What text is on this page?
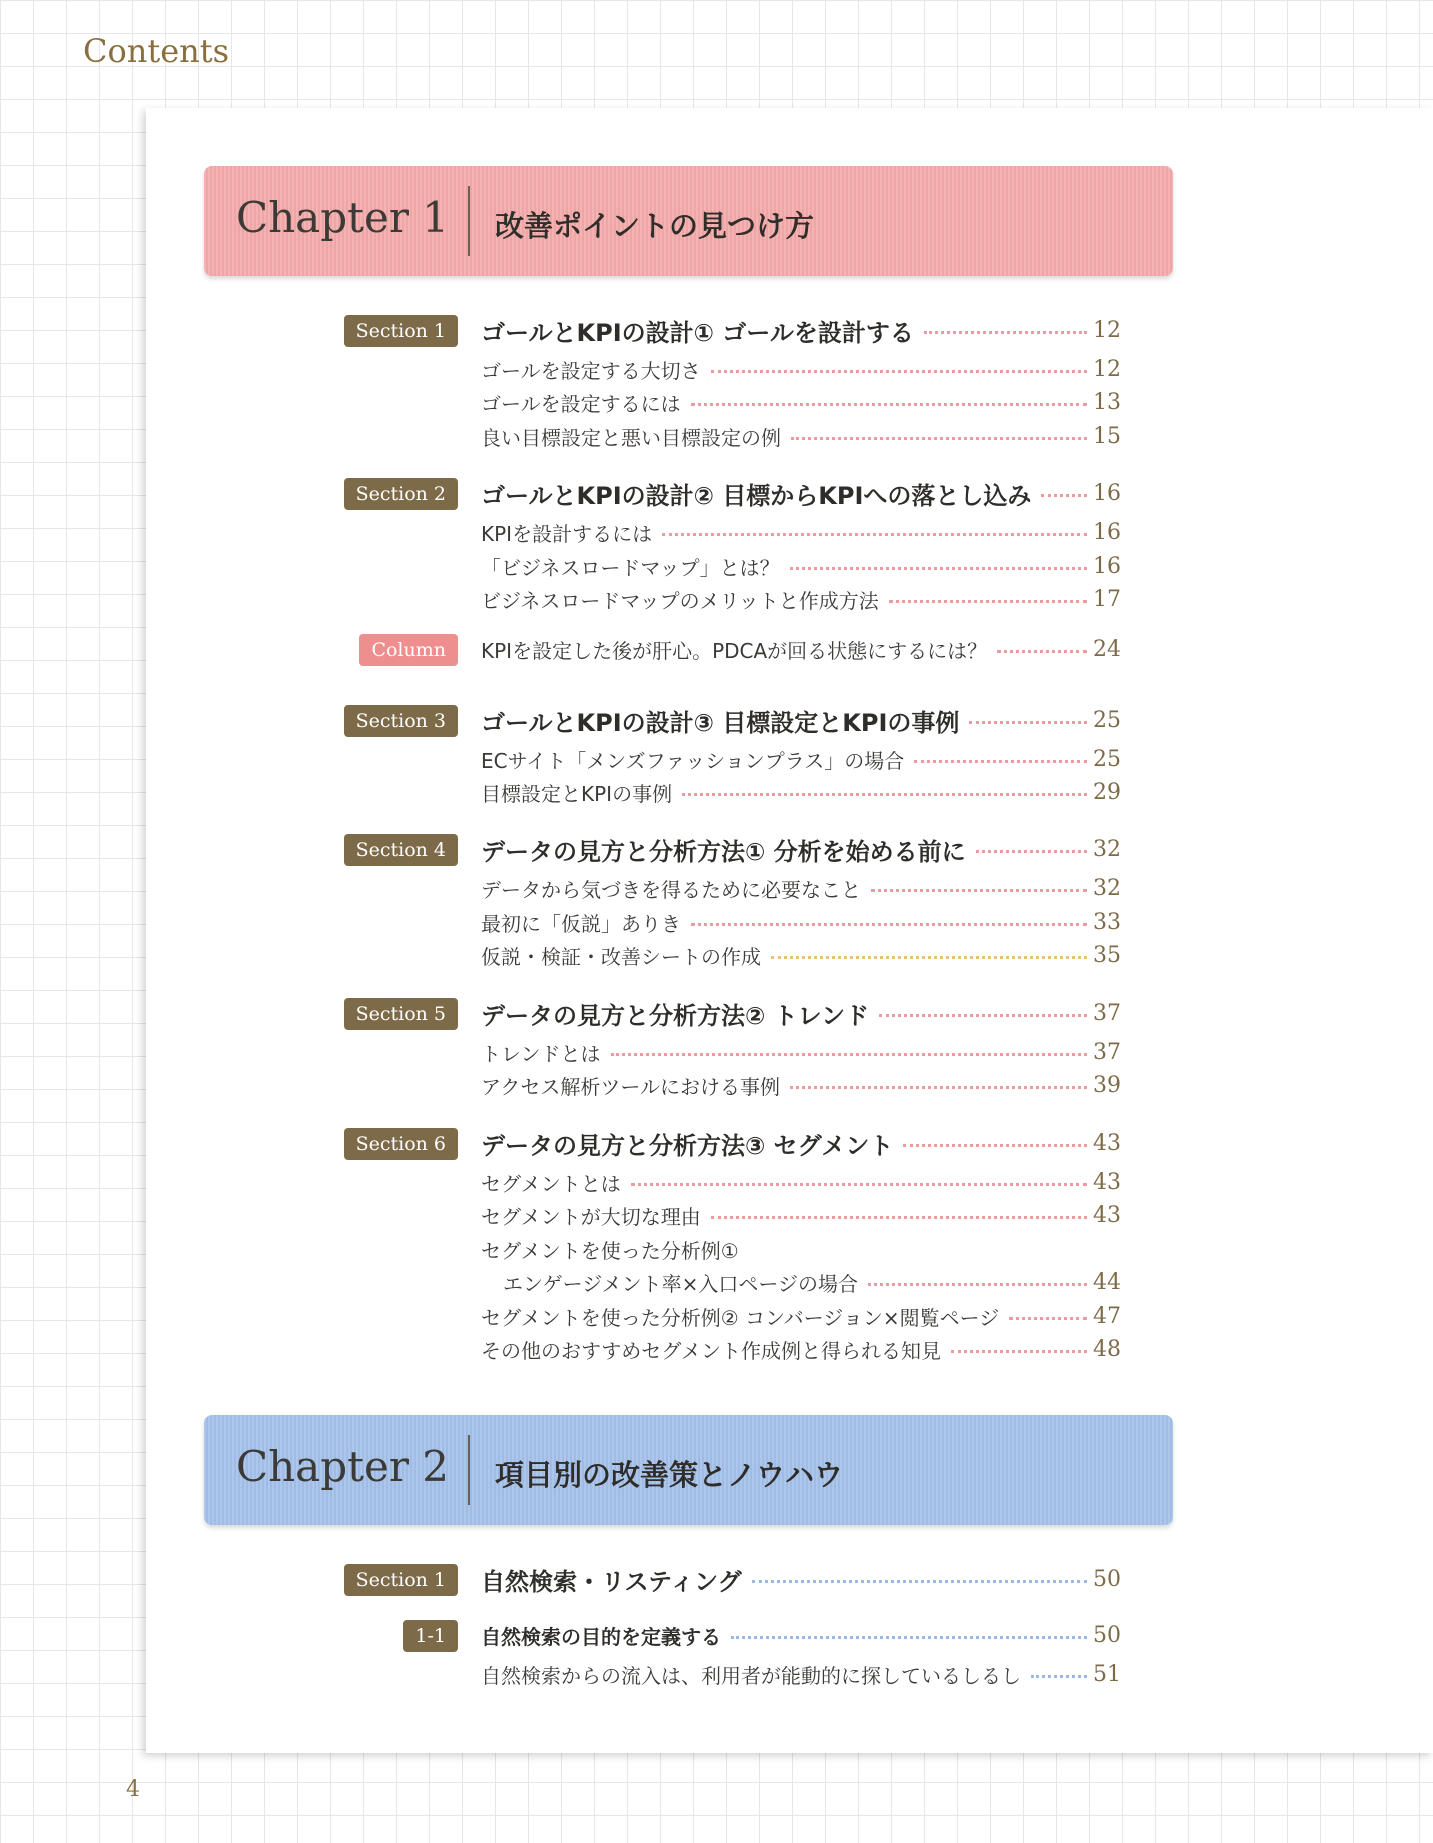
Contents
Chapter 1 改善ポイントの見つけ方
Section 1	ゴールとKPIの設計① ゴールを設計する	12
ゴールを設定する大切さ	12
ゴールを設定するには	13
良い目標設定と悪い目標設定の例	15
Section 2	ゴールとKPIの設計② 目標からKPIへの落とし込み	16
KPIを設計するには	16
「ビジネスロードマップ」とは？	16
ビジネスロードマップのメリットと作成方法	17
Column	KPIを設定した後が肝心。PDCAが回る状態にするには？	24
Section 3	ゴールとKPIの設計③ 目標設定とKPIの事例	25
ECサイト「メンズファッションプラス」の場合	25
目標設定とKPIの事例	29
Section 4	データの見方と分析方法① 分析を始める前に	32
データから気づきを得るために必要なこと	32
最初に「仮説」ありき	33
仮説・検証・改善シートの作成	35
Section 5	データの見方と分析方法② トレンド	37
トレンドとは	37
アクセス解析ツールにおける事例	39
Section 6	データの見方と分析方法③ セグメント	43
セグメントとは	43
セグメントが大切な理由	43
セグメントを使った分析例①
エンゲージメント率×入口ページの場合	44
セグメントを使った分析例② コンバージョン×閲覧ページ	47
その他のおすすめセグメント作成例と得られる知見	48
Chapter 2 項目別の改善策とノウハウ
Section 1	自然検索・リスティング	50
1-1	自然検索の目的を定義する	50
自然検索からの流入は、利用者が能動的に探しているしるし	51
4
